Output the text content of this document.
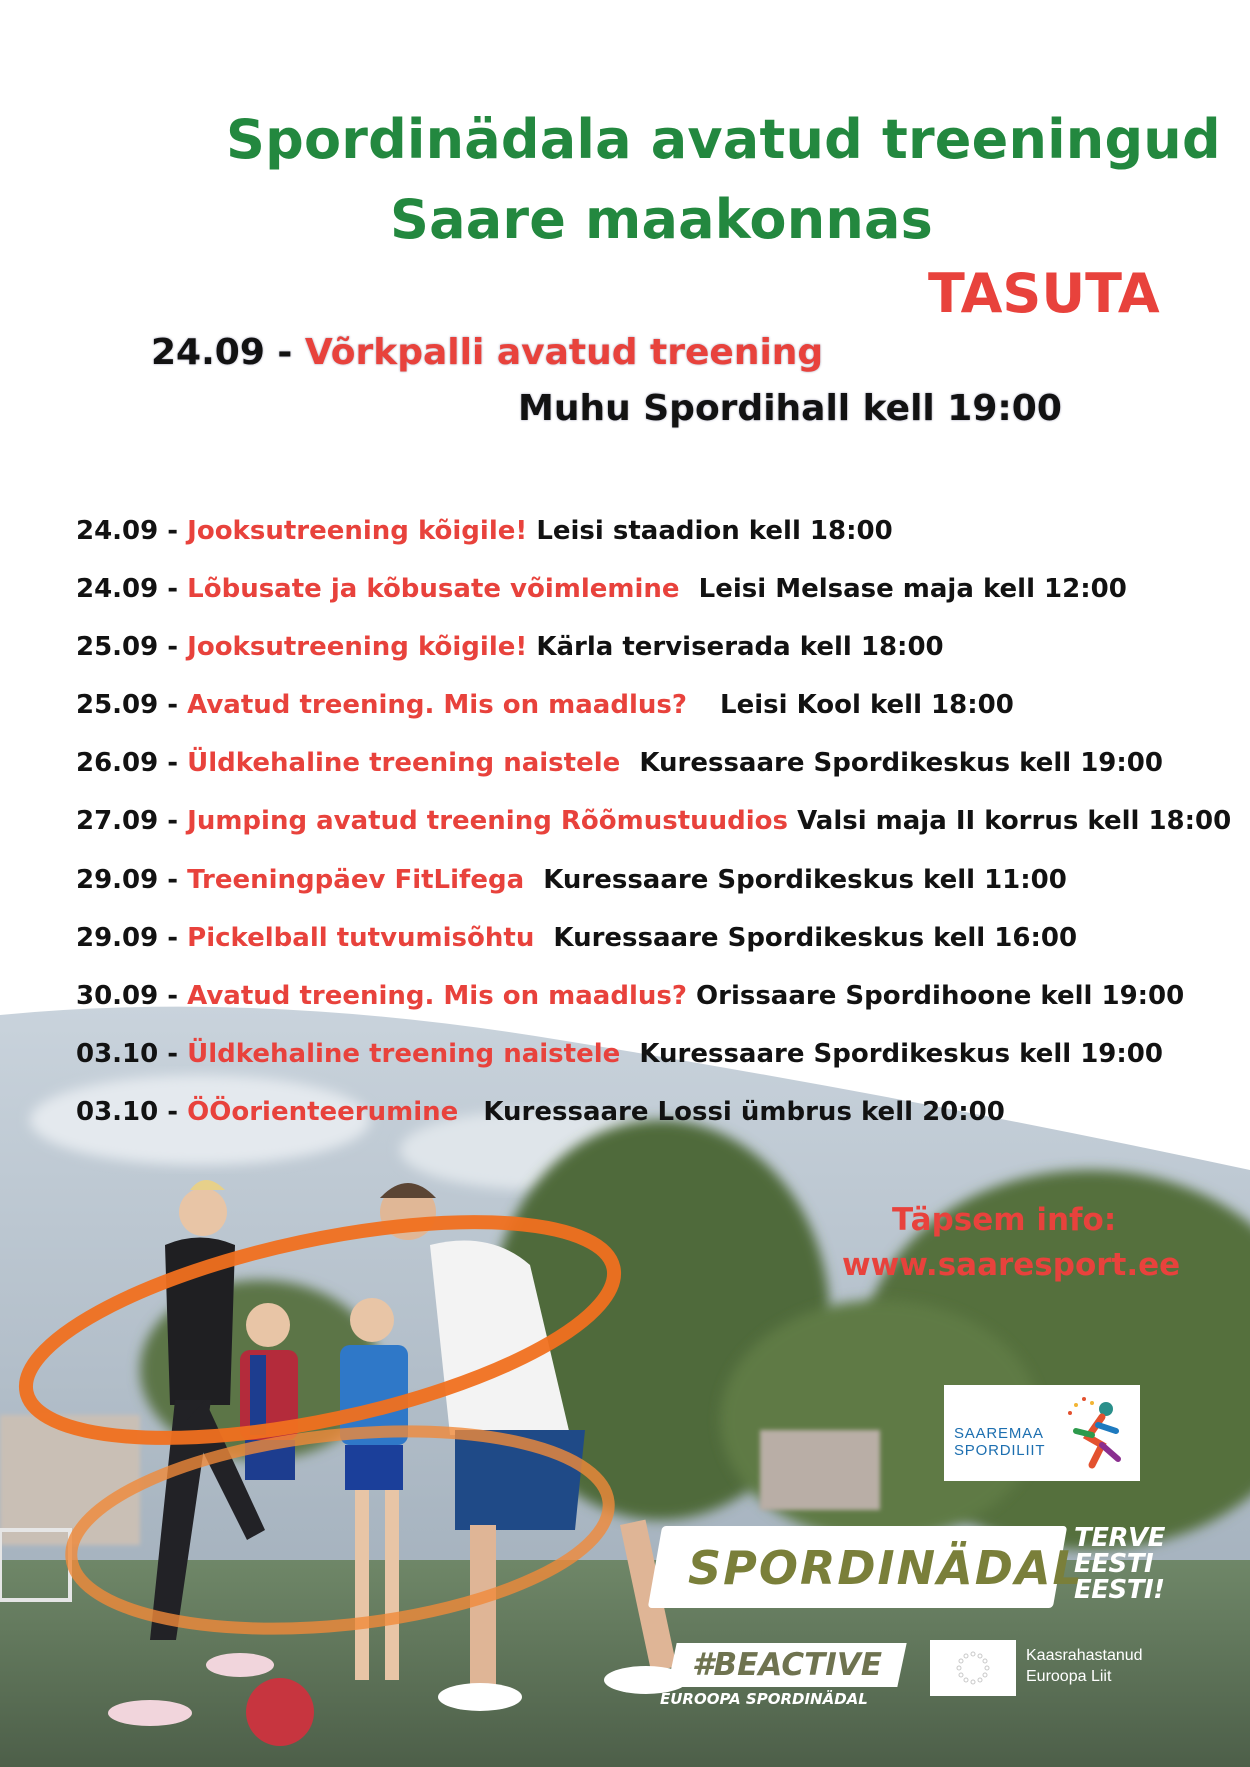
Spordinädala avatud treeningud
Saare maakonnas
TASUTA
24.09 - Võrkpalli avatud treening
Muhu Spordihall kell 19:00
24.09 - Jooksutreening kõigile! Leisi staadion kell 18:00
24.09 - Lõbusate ja kõbusate võimlemine Leisi Melsase maja kell 12:00
25.09 - Jooksutreening kõigile! Kärla terviserada kell 18:00
25.09 - Avatud treening. Mis on maadlus? Leisi Kool kell 18:00
26.09 - Üldkehaline treening naistele Kuressaare Spordikeskus kell 19:00
27.09 - Jumping avatud treening Rõõmustuudios Valsi maja II korrus kell 18:00
29.09 - Treeningpäev FitLifega Kuressaare Spordikeskus kell 11:00
29.09 - Pickelball tutvumisõhtu Kuressaare Spordikeskus kell 16:00
30.09 - Avatud treening. Mis on maadlus? Orissaare Spordihoone kell 19:00
03.10 - Üldkehaline treening naistele Kuressaare Spordikeskus kell 19:00
03.10 - ÖÖorienteerumine Kuressaare Lossi ümbrus kell 20:00
Täpsem info:
www.saaresport.ee
SAAREMAA
SPORDILIIT
SPORDINÄDAL
TERVE
EESTI
EESTI!
#BEACTIVE
EUROOPA SPORDINÄDAL
Kaasrahastanud
Euroopa Liit
